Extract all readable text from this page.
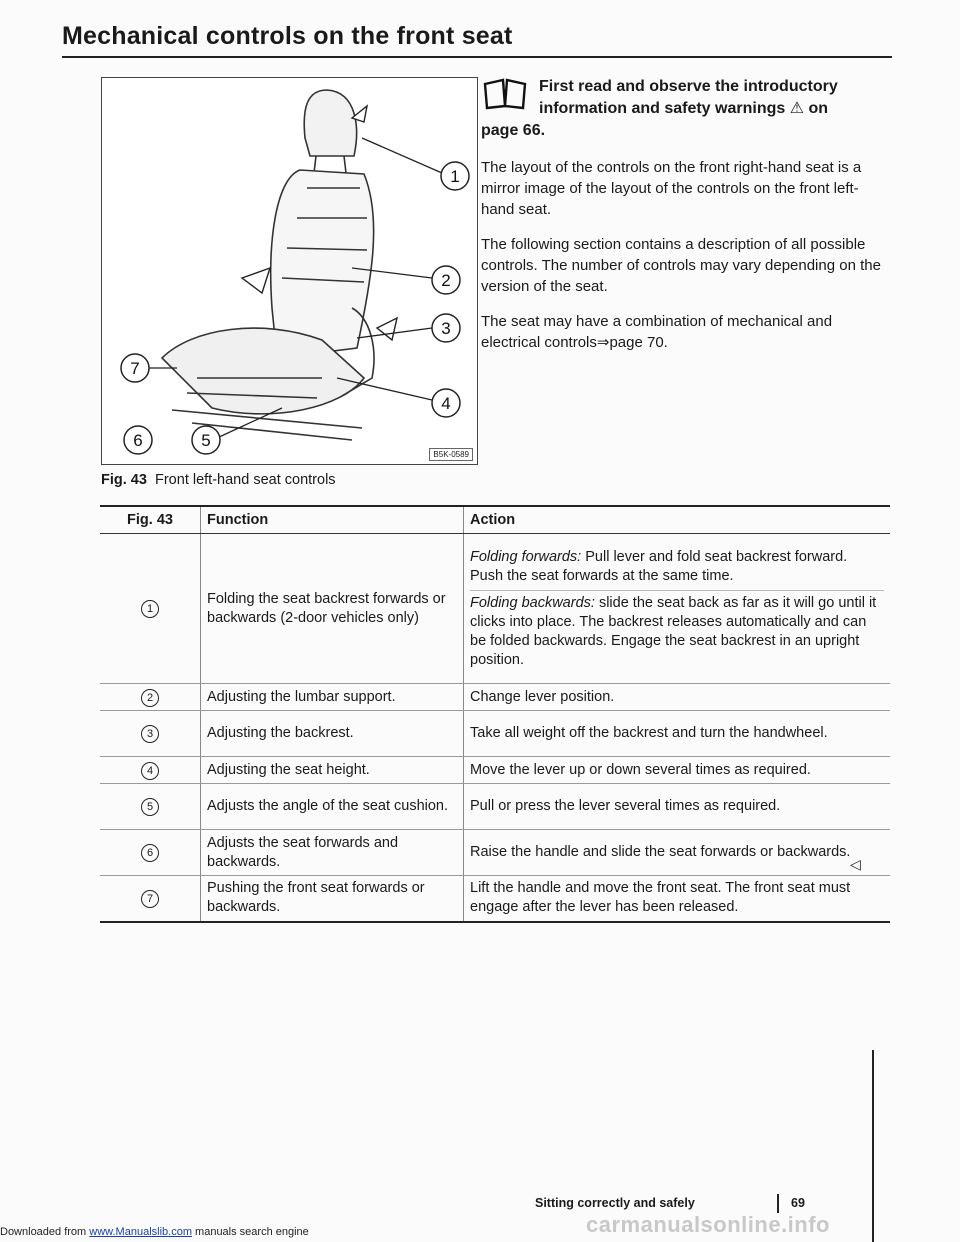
Mechanical controls on the front seat
1
2
3
4
5
6
7
B5K-0589
Fig. 43 Front left-hand seat controls
First read and observe the introductory
information and safety warnings ⚠ on
page 66.
The layout of the controls on the front right-hand seat is a mirror image of the layout of the controls on the front left-hand seat.
The following section contains a description of all possible controls. The number of controls may vary depending on the version of the seat.
The seat may have a combination of mechanical and electrical controls⇒page 70.
Fig. 43	Function	Action
1	Folding the seat backrest forwards or backwards (2-door vehicles only)	Folding forwards: Pull lever and fold seat backrest forward. Push the seat forwards at the same time.
Folding backwards: slide the seat back as far as it will go until it clicks into place. The backrest releases automatically and can be folded backwards. Engage the seat backrest in an upright position.

2	Adjusting the lumbar support.	Change lever position.
3	Adjusting the backrest.	Take all weight off the backrest and turn the handwheel.
4	Adjusting the seat height.	Move the lever up or down several times as required.
5	Adjusts the angle of the seat cushion.	Pull or press the lever several times as required.
6	Adjusts the seat forwards and backwards.	Raise the handle and slide the seat forwards or backwards.
7	Pushing the front seat forwards or backwards.	Lift the handle and move the front seat. The front seat must engage after the lever has been released.
◁
Sitting correctly and safely	69
carmanualsonline.info
Downloaded from www.Manualslib.com manuals search engine
